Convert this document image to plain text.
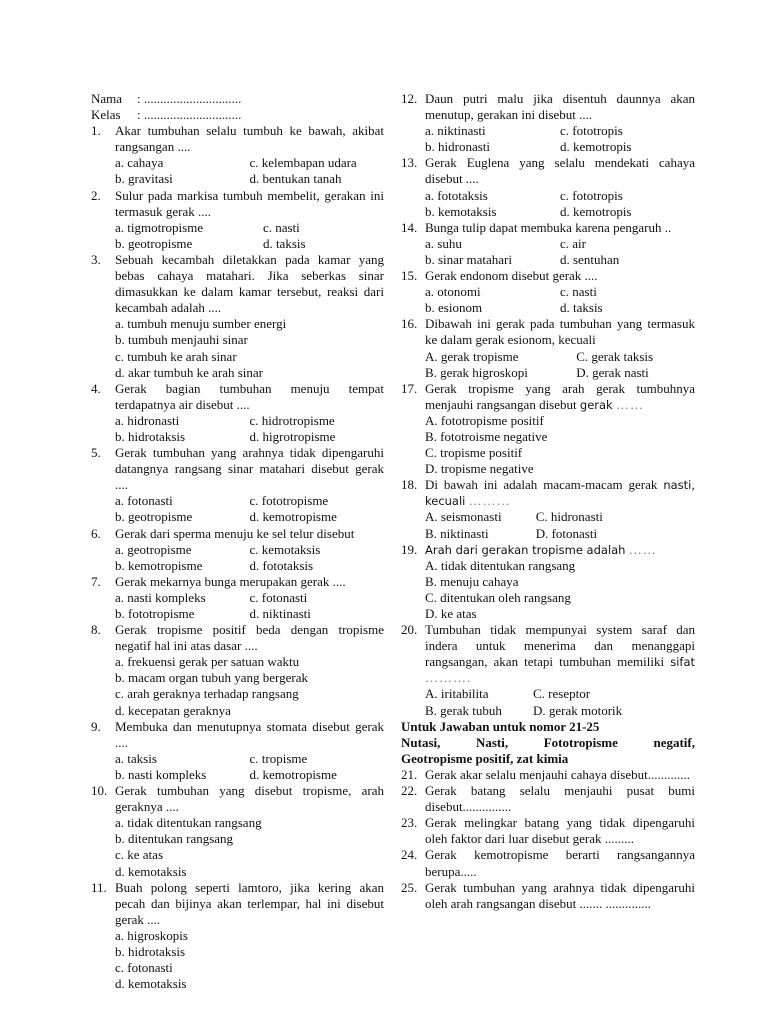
Nama	: ..............................
Kelas	: ..............................
1. Akar tumbuhan selalu tumbuh ke bawah, akibat rangsangan ....
a. cahaya	c. kelembapan udara
b. gravitasi	d. bentukan tanah
2. Sulur pada markisa tumbuh membelit, gerakan ini termasuk gerak ....
a. tigmotropisme	c. nasti
b. geotropisme	d. taksis
3. Sebuah kecambah diletakkan pada kamar yang bebas cahaya matahari. Jika seberkas sinar dimasukkan ke dalam kamar tersebut, reaksi dari kecambah adalah ....
a. tumbuh menuju sumber energi
b. tumbuh menjauhi sinar
c. tumbuh ke arah sinar
d. akar tumbuh ke arah sinar
4. Gerak bagian tumbuhan menuju tempat terdapatnya air disebut ....
a. hidronasti	c. hidrotropisme
b. hidrotaksis	d. higrotropisme
5. Gerak tumbuhan yang arahnya tidak dipengaruhi datangnya rangsang sinar matahari disebut gerak ....
a. fotonasti	c. fototropisme
b. geotropisme	d. kemotropisme
6. Gerak dari sperma menuju ke sel telur disebut
a. geotropisme	c. kemotaksis
b. kemotropisme	d. fototaksis
7. Gerak mekarnya bunga merupakan gerak ....
a. nasti kompleks	c. fotonasti
b. fototropisme	d. niktinasti
8. Gerak tropisme positif beda dengan tropisme negatif hal ini atas dasar ....
a. frekuensi gerak per satuan waktu
b. macam organ tubuh yang bergerak
c. arah geraknya terhadap rangsang
d. kecepatan geraknya
9. Membuka dan menutupnya stomata disebut gerak ....
a. taksis	c. tropisme
b. nasti kompleks	d. kemotropisme
10. Gerak tumbuhan yang disebut tropisme, arah geraknya ....
a. tidak ditentukan rangsang
b. ditentukan rangsang
c. ke atas
d. kemotaksis
11. Buah polong seperti lamtoro, jika kering akan pecah dan bijinya akan terlempar, hal ini disebut gerak ....
a. higroskopis
b. hidrotaksis
c. fotonasti
d. kemotaksis
12. Daun putri malu jika disentuh daunnya akan menutup, gerakan ini disebut ....
a. niktinasti	c. fototropis
b. hidronasti	d. kemotropis
13. Gerak Euglena yang selalu mendekati cahaya disebut ....
a. fototaksis	c. fototropis
b. kemotaksis	d. kemotropis
14. Bunga tulip dapat membuka karena pengaruh ..
a. suhu	c. air
b. sinar matahari	d. sentuhan
15. Gerak endonom disebut gerak ....
a. otonomi	c. nasti
b. esionom	d. taksis
16. Dibawah ini gerak pada tumbuhan yang termasuk ke dalam gerak esionom, kecuali
A. gerak tropisme	C. gerak taksis
B. gerak higroskopi	D. gerak nasti
17. Gerak tropisme yang arah gerak tumbuhnya menjauhi rangsangan disebut gerak ……
A. fototropisme positif
B. fototroisme negative
C. tropisme positif
D. tropisme negative
18. Di bawah ini adalah macam-macam gerak nasti, kecuali ………
A. seismonasti	C. hidronasti
B. niktinasti	D. fotonasti
19. Arah dari gerakan tropisme adalah ……
A. tidak ditentukan rangsang
B. menuju cahaya
C. ditentukan oleh rangsang
D. ke atas
20. Tumbuhan tidak mempunyai system saraf dan indera untuk menerima dan menanggapi rangsangan, akan tetapi tumbuhan memiliki sifat ……….
A. iritabilita	C. reseptor
B. gerak tubuh	D. gerak motorik
Untuk Jawaban untuk nomor 21-25
Nutasi, Nasti, Fototropisme negatif,
Geotropisme positif, zat kimia
21. Gerak akar selalu menjauhi cahaya disebut.............
22. Gerak batang selalu menjauhi pusat bumi disebut...............
23. Gerak melingkar batang yang tidak dipengaruhi oleh faktor dari luar disebut gerak .........
24. Gerak kemotropisme berarti rangsangannya berupa.....
25. Gerak tumbuhan yang arahnya tidak dipengaruhi oleh arah rangsangan disebut ....... ..............
